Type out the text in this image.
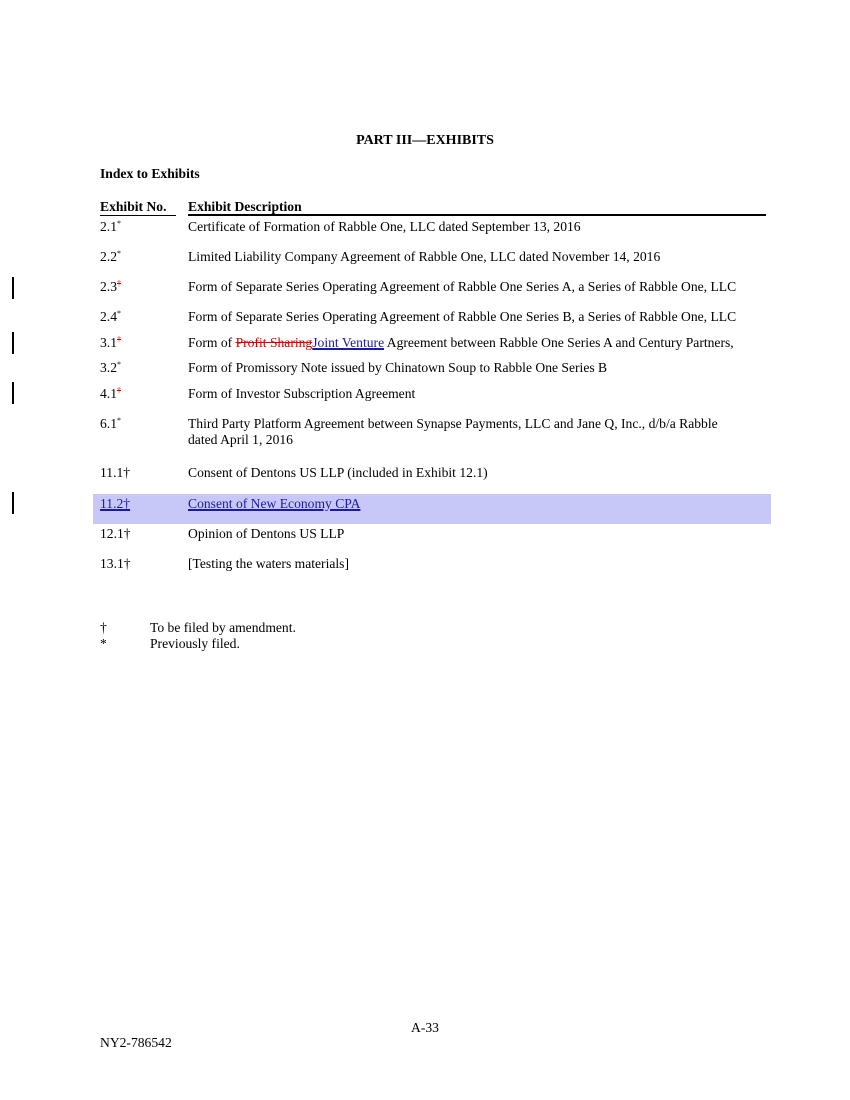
PART III—EXHIBITS
Index to Exhibits
Exhibit No. Exhibit Description
2.1*	Certificate of Formation of Rabble One, LLC dated September 13, 2016
2.2*	Limited Liability Company Agreement of Rabble One, LLC dated November 14, 2016
2.3†	Form of Separate Series Operating Agreement of Rabble One Series A, a Series of Rabble One, LLC
2.4*	Form of Separate Series Operating Agreement of Rabble One Series B, a Series of Rabble One, LLC
3.1†	Form of Profit SharingJoint Venture Agreement between Rabble One Series A and Century Partners,
3.2*	Form of Promissory Note issued by Chinatown Soup to Rabble One Series B
4.1†	Form of Investor Subscription Agreement
6.1*	Third Party Platform Agreement between Synapse Payments, LLC and Jane Q, Inc., d/b/a Rabble dated April 1, 2016
11.1†	Consent of Dentons US LLP (included in Exhibit 12.1)
11.2†	Consent of New Economy CPA
12.1†	Opinion of Dentons US LLP
13.1†	[Testing the waters materials]
†	To be filed by amendment.
*	Previously filed.
A-33
NY2-786542
